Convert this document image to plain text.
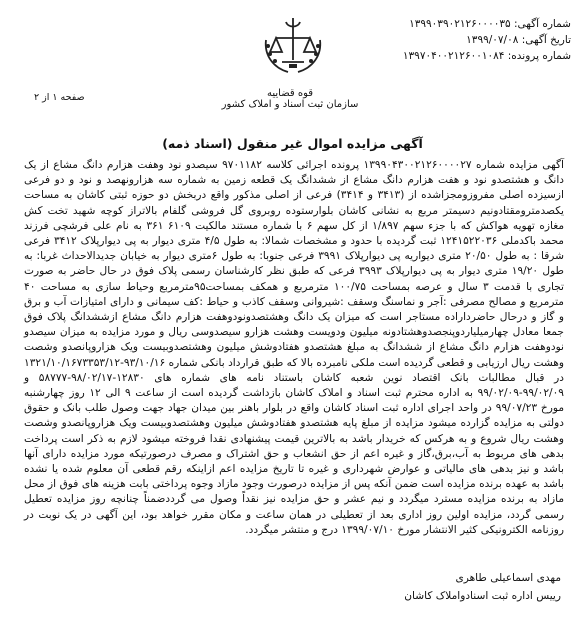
شماره آگهی: ۱۳۹۹۰۳۹۰۲۱۲۶۰۰۰۰۳۵
تاریخ آگهی: ۱۳۹۹/۰۷/۰۸
شماره پرونده: ۱۳۹۷۰۴۰۰۲۱۲۶۰۰۱۰۸۴
قوه قضاییه
سازمان ثبت اسناد و املاک کشور
صفحه ۱ از ۲
آگهی مزایده اموال غیر منقول (اسناد ذمه)
آگهی مزایده شماره ۱۳۹۹۰۴۳۰۰۲۱۲۶۰۰۰۰۲۷ پرونده اجرائی کلاسه ۹۷۰۱۱۸۲ سیصدو نود وهفت هزارم دانگ مشاع از یک دانگ و هشتصدو نود و هفت هزارم دانگ مشاع از ششدانگ یک قطعه زمین به شماره سه هزارونهصد و نود و دو فرعی ازسیزده اصلی مفروزومجزاشده از (۳۴۱۳ و ۳۴۱۴) فرعی از اصلی مذکور واقع دربخش دو حوزه ثبتی کاشان به مساحت یکصدمترومقتادونیم دسیمتر مربع به نشانی کاشان بلوارستوده روبروی گل فروشی گلفام بالاتراز کوچه شهید تخت کش مغازه تهویه هواکش که با جزء سهم ۱/۸۹۷ از کل سهم ۶ با شماره مستند مالکیت ۶۱۰۹ ۳۶۱ به نام علی فرشچی فرزند محمد باکدملی ۱۲۴۱۵۲۲۰۳۶ ثبت گردیده با حدود و مشخصات شمالا: به طول ۴/۵ متری دیوار به پی دیوارپلاک ۳۴۱۲ فرعی شرقا : به طول ۲۰/۵۰ متری دیواریه پی دیوارپلاک ۳۹۹۱ فرعی جنوبا: به طول ۶متری دیوار به خیابان جدیدالاحداث غربا: به طول ۱۹/۲۰ متری دیوار به پی دیوارپلاک ۳۹۹۳ فرعی که طبق نظر کارشناسان رسمی پلاک فوق در حال حاضر به صورت تجاری با قدمت ۳ سال و عرصه بمساحت ۱۰۰/۷۵ مترمربع و همکف بمساحت۹۵مترمربع وحیاط سازی به مساحت ۴۰ مترمربع و مصالح مصرفی :آجر و نماسنگ وسقف :شیروانی وسقف کاذب و حیاط :کف سیمانی و دارای امتیازات آب و برق و گاز و درحال حاضرداراده مستاجر است که میزان یک دانگ وهشتصدونودوهفت هزارم دانگ مشاع ازششدانگ پلاک فوق جمعا معادل چهارمیلیاردوپنجصدوهشتادونه میلیون ودویست وهشت هزارو سیصدوسی ریال و مورد مزایده به میزان سیصدو نودوهفت هزارم دانگ مشاع از ششدانگ به مبلغ هشتصدو هفتادوشش میلیون وهشتصدوبیست ویک هزاروپانصدو وشصت وهشت ریال ارزیابی و قطعی گردیده است ملکی نامبرده بالا که طبق قرارداد بانکی شماره ۹۳/۱۰/۱۶-۱۳۲۱/۱۰/۱۶۷۳۳۵۳/۱۲ در قبال مطالبات بانک اقتصاد نوین شعبه کاشان باستناد نامه های شماره های ۱۲۸۳۰-۹۸/۰۲/۱۷-۵۸۷۷۷ و ۹۹/۰۲/۰۹-۹۹/۰۲/۰۹ به اداره محترم ثبت اسناد و املاک کاشان بازداشت گردیده است از ساعت ۹ الی ۱۲ روز چهارشنبه مورخ ۹۹/۰۷/۲۳ در واحد اجرای اداره ثبت اسناد کاشان واقع در بلوار باهنر بین میدان جهاد جهت وصول طلب بانک و حقوق دولتی به مزایده گزارده میشود مزایده از مبلغ پایه هشتصدو هفتادوشش میلیون وهشتصدوبیست ویک هزاروپانصدو وشصت وهشت ریال شروع و به هرکس که خریدار باشد به بالاترین قیمت پیشنهادی نقدا فروخته میشود لازم به ذکر است پرداخت بدهی های مربوط به آب،برق،گاز و غیره اعم از حق انشعاب و حق اشتراک و مصرف درصورتیکه مورد مزایده دارای آنها باشد و نیز بدهی های مالیاتی و عوارض شهرداری و غیره تا تاریخ مزایده اعم ازاینکه رقم قطعی آن معلوم شده یا نشده باشد به عهده برنده مزایده است ضمن آنکه پس از مزایده درصورت وجود مازاد وجوه پرداختی بابت هزینه های فوق از محل مازاد به برنده مزایده مسترد میگردد و نیم عشر و حق مزایده نیز نقداً وصول می گرددضمناً چنانچه روز مزایده تعطیل رسمی گردد، مزایده اولین روز اداری بعد از تعطیلی در همان ساعت و مکان مقرر خواهد بود، این آگهی در یک نوبت در روزنامه الکترونیکی کثیر الانتشار مورخ ۱۳۹۹/۰۷/۱۰ درج و منتشر میگردد.
مهدی اسماعیلی طاهری
رییس اداره ثبت اسنادواملاک کاشان
